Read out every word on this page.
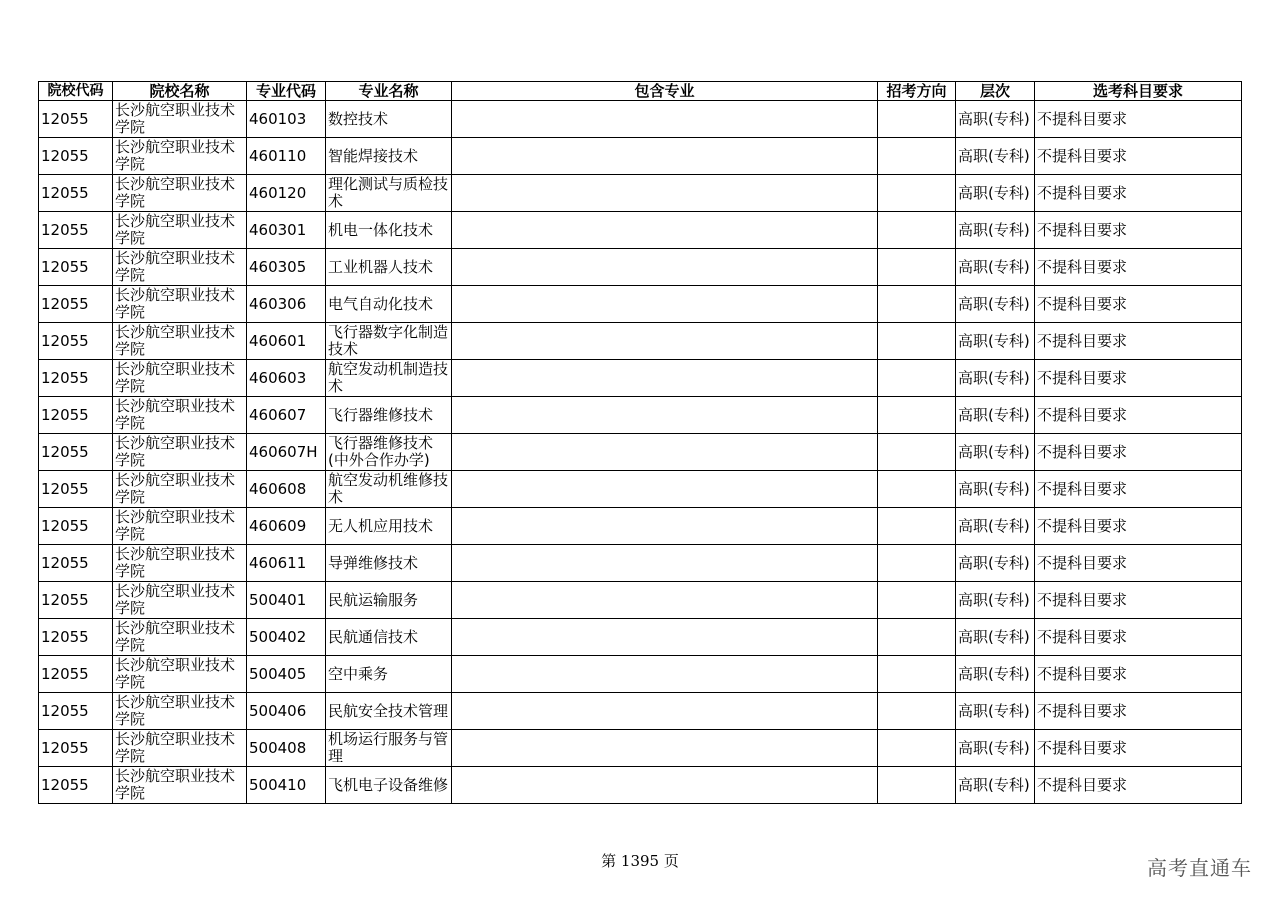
院校代码	院校名称	专业代码	专业名称	包含专业	招考方向	层次	选考科目要求
12055	长沙航空职业技术学院	460103	数控技术			高职(专科)	不提科目要求
12055	长沙航空职业技术学院	460110	智能焊接技术			高职(专科)	不提科目要求
12055	长沙航空职业技术学院	460120	理化测试与质检技术			高职(专科)	不提科目要求
12055	长沙航空职业技术学院	460301	机电一体化技术			高职(专科)	不提科目要求
12055	长沙航空职业技术学院	460305	工业机器人技术			高职(专科)	不提科目要求
12055	长沙航空职业技术学院	460306	电气自动化技术			高职(专科)	不提科目要求
12055	长沙航空职业技术学院	460601	飞行器数字化制造技术			高职(专科)	不提科目要求
12055	长沙航空职业技术学院	460603	航空发动机制造技术			高职(专科)	不提科目要求
12055	长沙航空职业技术学院	460607	飞行器维修技术			高职(专科)	不提科目要求
12055	长沙航空职业技术学院	460607H	飞行器维修技术(中外合作办学)			高职(专科)	不提科目要求
12055	长沙航空职业技术学院	460608	航空发动机维修技术			高职(专科)	不提科目要求
12055	长沙航空职业技术学院	460609	无人机应用技术			高职(专科)	不提科目要求
12055	长沙航空职业技术学院	460611	导弹维修技术			高职(专科)	不提科目要求
12055	长沙航空职业技术学院	500401	民航运输服务			高职(专科)	不提科目要求
12055	长沙航空职业技术学院	500402	民航通信技术			高职(专科)	不提科目要求
12055	长沙航空职业技术学院	500405	空中乘务			高职(专科)	不提科目要求
12055	长沙航空职业技术学院	500406	民航安全技术管理			高职(专科)	不提科目要求
12055	长沙航空职业技术学院	500408	机场运行服务与管理			高职(专科)	不提科目要求
12055	长沙航空职业技术学院	500410	飞机电子设备维修			高职(专科)	不提科目要求
第 1395 页	高考直通车
